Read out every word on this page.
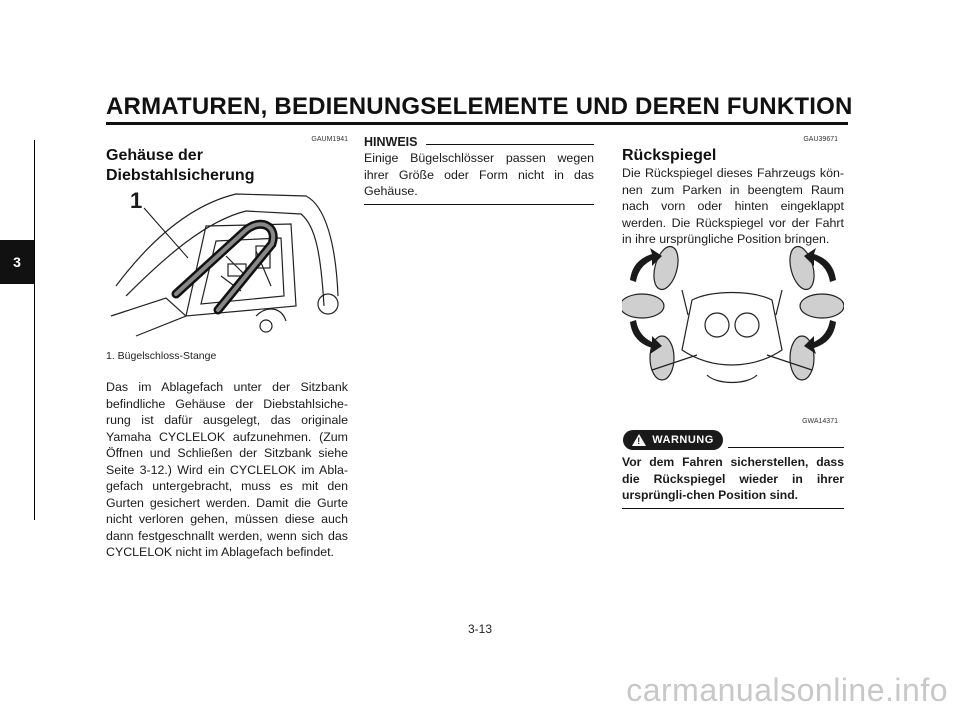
ARMATUREN, BEDIENUNGSELEMENTE UND DEREN FUNKTION
3
GAUM1941
Gehäuse der
Diebstahlsicherung
1
1. Bügelschloss-Stange

Das im Ablagefach unter der Sitzbank befindliche Gehäuse der Diebstahlsiche-rung ist dafür ausgelegt, das originale Yamaha CYCLELOK aufzunehmen. (Zum Öffnen und Schließen der Sitzbank siehe Seite 3-12.) Wird ein CYCLELOK im Abla-gefach untergebracht, muss es mit den Gurten gesichert werden. Damit die Gurte nicht verloren gehen, müssen diese auch dann festgeschnallt werden, wenn sich das CYCLELOK nicht im Ablagefach befindet.

HINWEIS

Einige Bügelschlösser passen wegen ihrer Größe oder Form nicht in das Gehäuse.

GAU39671
Rückspiegel

Die Rückspiegel dieses Fahrzeugs kön-nen zum Parken in beengtem Raum nach vorn oder hinten eingeklappt werden. Die Rückspiegel vor der Fahrt in ihre ursprüngliche Position bringen.

GWA14371
! WARNUNG

Vor dem Fahren sicherstellen, dass die Rückspiegel wieder in ihrer ursprüngli-chen Position sind.

3-13
carmanualsonline.info
